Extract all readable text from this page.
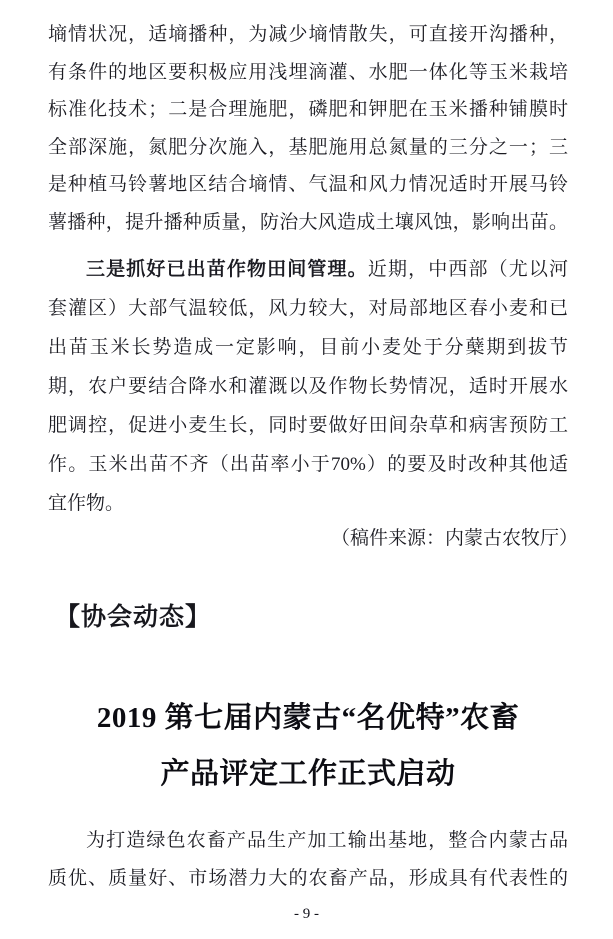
墒情状况，适墒播种，为减少墒情散失，可直接开沟播种，
有条件的地区要积极应用浅埋滴灌、水肥一体化等玉米栽培
标准化技术；二是合理施肥，磷肥和钾肥在玉米播种铺膜时
全部深施，氮肥分次施入，基肥施用总氮量的三分之一；三
是种植马铃薯地区结合墒情、气温和风力情况适时开展马铃
薯播种，提升播种质量，防治大风造成土壤风蚀，影响出苗。
三是抓好已出苗作物田间管理。近期，中西部（尤以河
套灌区）大部气温较低，风力较大，对局部地区春小麦和已
出苗玉米长势造成一定影响，目前小麦处于分蘖期到拔节
期，农户要结合降水和灌溉以及作物长势情况，适时开展水
肥调控，促进小麦生长，同时要做好田间杂草和病害预防工
作。玉米出苗不齐（出苗率小于70%）的要及时改种其他适
宜作物。
（稿件来源：内蒙古农牧厅）
【协会动态】
2019 第七届内蒙古“名优特”农畜
产品评定工作正式启动
为打造绿色农畜产品生产加工输出基地，整合内蒙古品
质优、质量好、市场潜力大的农畜产品，形成具有代表性的
- 9 -
